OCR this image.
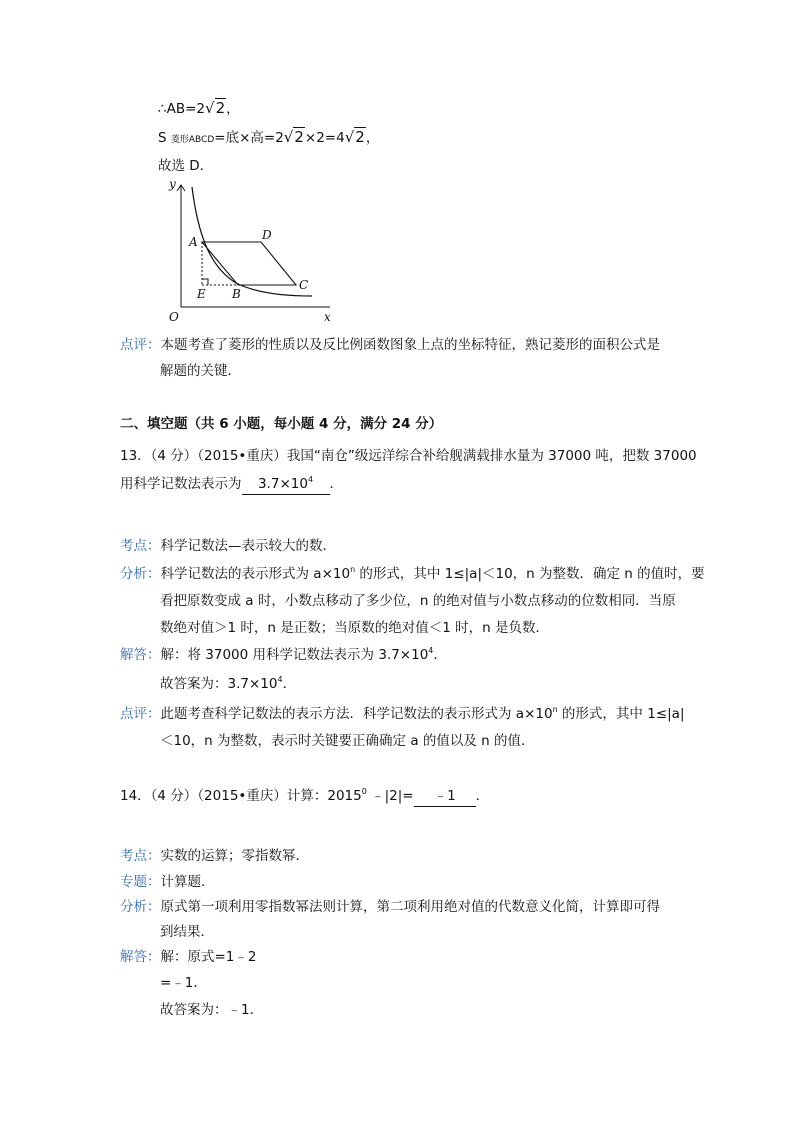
∴AB=2√2，
S 菱形ABCD=底×高=2√2×2=4√2，
故选 D．
y
x
O
A	D
C
B
E
点评：本题考查了菱形的性质以及反比例函数图象上点的坐标特征，熟记菱形的面积公式是
解题的关键．
二、填空题（共 6 小题，每小题 4 分，满分 24 分）
13．（4 分）（2015•重庆）我国“南仓”级远洋综合补给舰满载排水量为 37000 吨，把数 37000
用科学记数法表示为 $3.7\times 10^4$ ．
考点：科学记数法—表示较大的数．
分析：科学记数法的表示形式为 $a\times 10^n$ 的形式，其中 1≤|a|＜10，n 为整数．确定 n 的值时，要
看把原数变成 a 时，小数点移动了多少位，n 的绝对值与小数点移动的位数相同．当原
数绝对值＞1 时，n 是正数；当原数的绝对值＜1 时，n 是负数．
解答：解：将 37000 用科学记数法表示为 $3.7\times 10^4$．
故答案为：$3.7\times 10^4$．
点评：此题考查科学记数法的表示方法．科学记数法的表示形式为 $a\times 10^n$ 的形式，其中 1≤|a|
＜10，n 为整数，表示时关键要正确确定 a 的值以及 n 的值．
14．（4 分）（2015•重庆）计算：2015$^0$ ﹣|2|= ﹣1 ．
考点：实数的运算；零指数幂．
专题：计算题．
分析：原式第一项利用零指数幂法则计算，第二项利用绝对值的代数意义化简，计算即可得
到结果．
解答：解：原式=1﹣2
=﹣1．
故答案为：﹣1．
